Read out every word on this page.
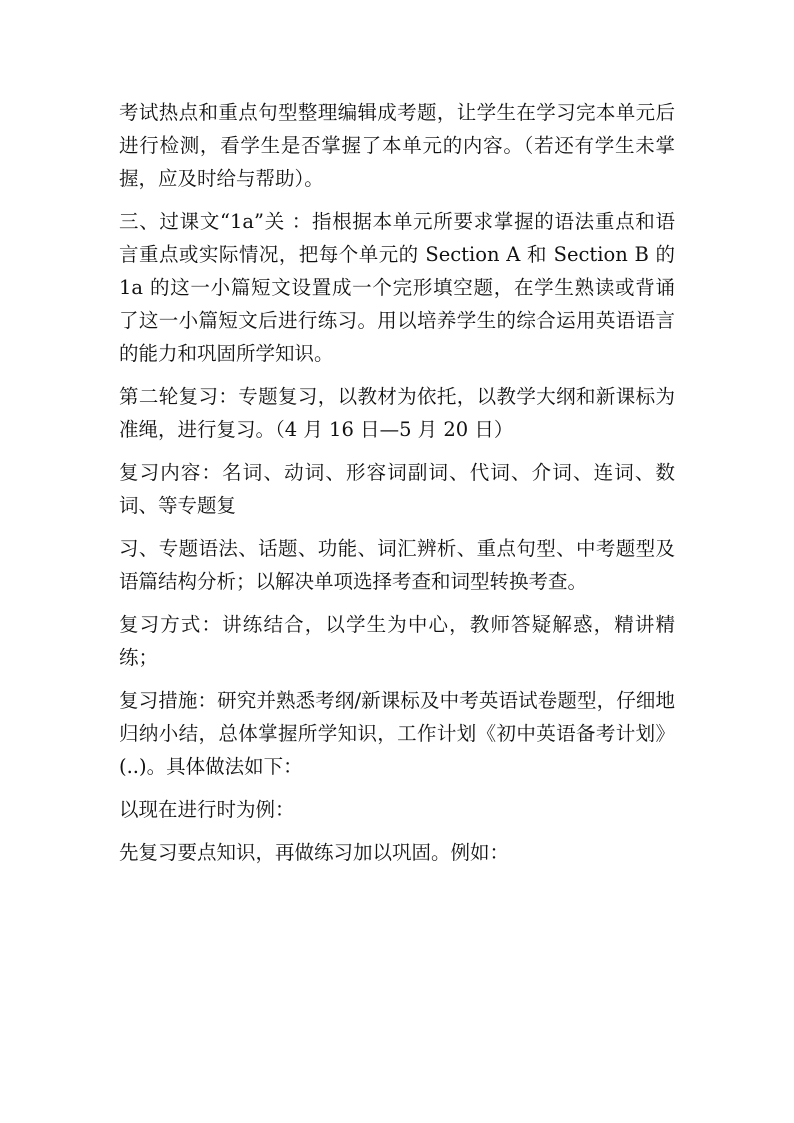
考试热点和重点句型整理编辑成考题，让学生在学习完本单元后进行检测，看学生是否掌握了本单元的内容。（若还有学生未掌握，应及时给与帮助）。

三、过课文“1a”关 ：指根据本单元所要求掌握的语法重点和语言重点或实际情况，把每个单元的 Section A 和 Section B 的 1a 的这一小篇短文设置成一个完形填空题，在学生熟读或背诵了这一小篇短文后进行练习。用以培养学生的综合运用英语语言的能力和巩固所学知识。

第二轮复习：专题复习，以教材为依托，以教学大纲和新课标为准绳，进行复习。（4 月 16 日—5 月 20 日）

复习内容：名词、动词、形容词副词、代词、介词、连词、数词、等专题复

习、专题语法、话题、功能、词汇辨析、重点句型、中考题型及语篇结构分析；以解决单项选择考查和词型转换考查。

复习方式：讲练结合，以学生为中心，教师答疑解惑，精讲精练；

复习措施：研究并熟悉考纲/新课标及中考英语试卷题型，仔细地归纳小结，总体掌握所学知识，工作计划《初中英语备考计划》(..)。具体做法如下：

以现在进行时为例：

先复习要点知识，再做练习加以巩固。例如：
